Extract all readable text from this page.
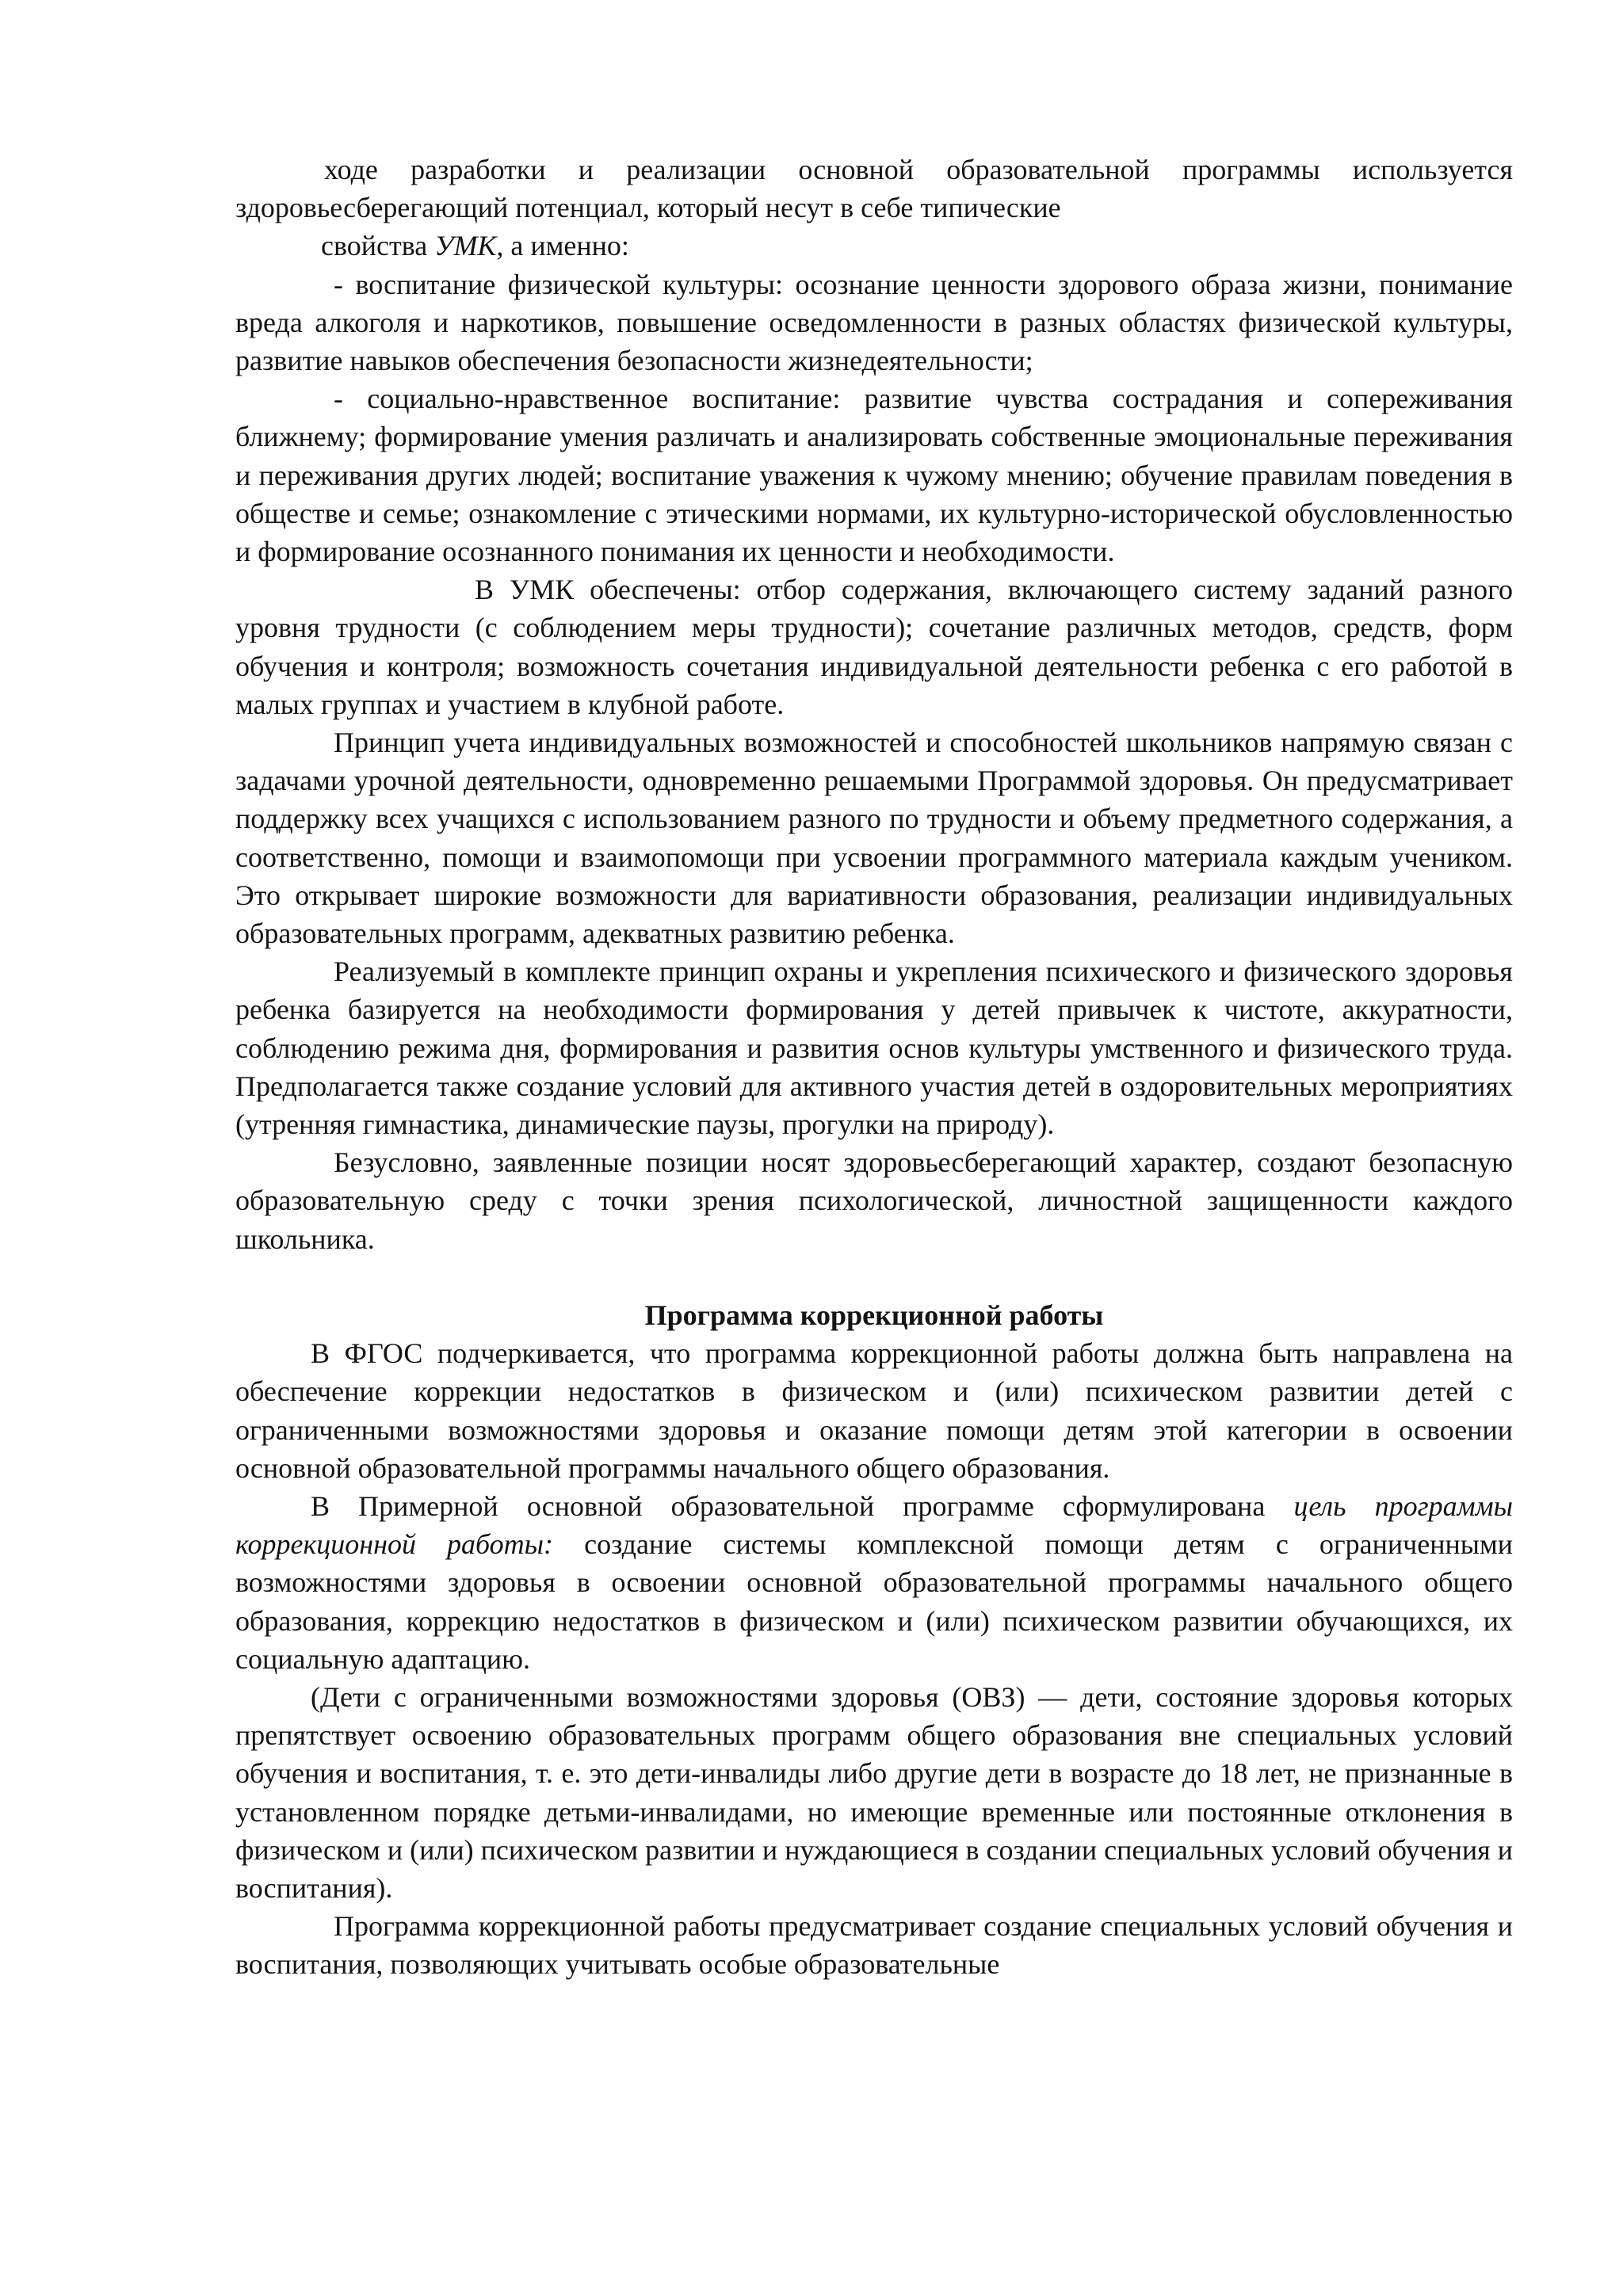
ходе разработки и реализации основной образовательной программы используется здоровьесберегающий потенциал, который несут в себе типические

свойства УМК, а именно:

- воспитание физической культуры: осознание ценности здорового образа жизни, понимание вреда алкоголя и наркотиков, повышение осведомленности в разных областях физической культуры, развитие навыков обеспечения безопасности жизнедеятельности;

- социально-нравственное воспитание: развитие чувства сострадания и сопереживания ближнему; формирование умения различать и анализировать собственные эмоциональные переживания и переживания других людей; воспитание уважения к чужому мнению; обучение правилам поведения в обществе и семье; ознакомление с этическими нормами, их культурно-исторической обусловленностью и формирование осознанного понимания их ценности и необходимости.

В УМК обеспечены: отбор содержания, включающего систему заданий разного уровня трудности (с соблюдением меры трудности); сочетание различных методов, средств, форм обучения и контроля; возможность сочетания индивидуальной деятельности ребенка с его работой в малых группах и участием в клубной работе.

Принцип учета индивидуальных возможностей и способностей школьников напрямую связан с задачами урочной деятельности, одновременно решаемыми Программой здоровья. Он предусматривает поддержку всех учащихся с использованием разного по трудности и объему предметного содержания, а соответственно, помощи и взаимопомощи при усвоении программного материала каждым учеником. Это открывает широкие возможности для вариативности образования, реализации индивидуальных образовательных программ, адекватных развитию ребенка.

Реализуемый в комплекте принцип охраны и укрепления психического и физического здоровья ребенка базируется на необходимости формирования у детей привычек к чистоте, аккуратности, соблюдению режима дня, формирования и развития основ культуры умственного и физического труда. Предполагается также создание условий для активного участия детей в оздоровительных мероприятиях (утренняя гимнастика, динамические паузы, прогулки на природу).

Безусловно, заявленные позиции носят здоровьесберегающий характер, создают безопасную образовательную среду с точки зрения психологической, личностной защищенности каждого школьника.

Программа коррекционной работы

В ФГОС подчеркивается, что программа коррекционной работы должна быть направлена на обеспечение коррекции недостатков в физическом и (или) психическом развитии детей с ограниченными возможностями здоровья и оказание помощи детям этой категории в освоении основной образовательной программы начального общего образования.

В Примерной основной образовательной программе сформулирована цель программы коррекционной работы: создание системы комплексной помощи детям с ограниченными возможностями здоровья в освоении основной образовательной программы начального общего образования, коррекцию недостатков в физическом и (или) психическом развитии обучающихся, их социальную адаптацию.

(Дети с ограниченными возможностями здоровья (ОВЗ) — дети, состояние здоровья которых препятствует освоению образовательных программ общего образования вне специальных условий обучения и воспитания, т. е. это дети-инвалиды либо другие дети в возрасте до 18 лет, не признанные в установленном порядке детьми-инвалидами, но имеющие временные или постоянные отклонения в физическом и (или) психическом развитии и нуждающиеся в создании специальных условий обучения и воспитания).

Программа коррекционной работы предусматривает создание специальных условий обучения и воспитания, позволяющих учитывать особые образовательные
